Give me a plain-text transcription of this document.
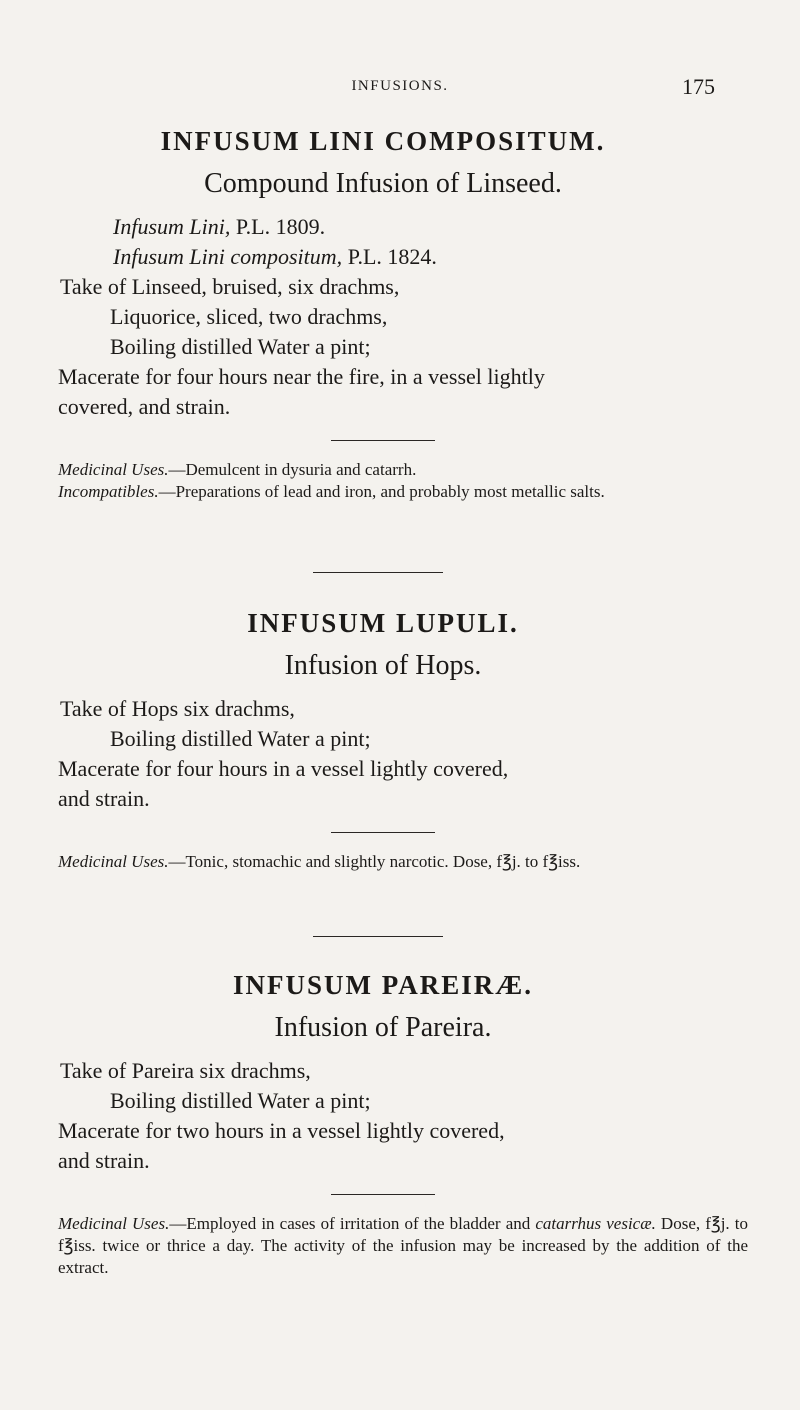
INFUSIONS.	175
INFUSUM LINI COMPOSITUM.
Compound Infusion of Linseed.
Infusum Lini, P.L. 1809.
Infusum Lini compositum, P.L. 1824.

Take of Linseed, bruised, six drachms,

Liquorice, sliced, two drachms,

Boiling distilled Water a pint;

Macerate for four hours near the fire, in a vessel lightly

covered, and strain.

Medicinal Uses.—Demulcent in dysuria and catarrh.

Incompatibles.—Preparations of lead and iron, and probably most metallic salts.

INFUSUM LUPULI.
Infusion of Hops.

Take of Hops six drachms,

Boiling distilled Water a pint;

Macerate for four hours in a vessel lightly covered,

and strain.

Medicinal Uses.—Tonic, stomachic and slightly narcotic. Dose, f℥j. to f℥iss.

INFUSUM PAREIRÆ.
Infusion of Pareira.

Take of Pareira six drachms,

Boiling distilled Water a pint;

Macerate for two hours in a vessel lightly covered,

and strain.

Medicinal Uses.—Employed in cases of irritation of the bladder and catarrhus vesicæ. Dose, f℥j. to f℥iss. twice or thrice a day. The activity of the infusion may be increased by the addition of the extract.
